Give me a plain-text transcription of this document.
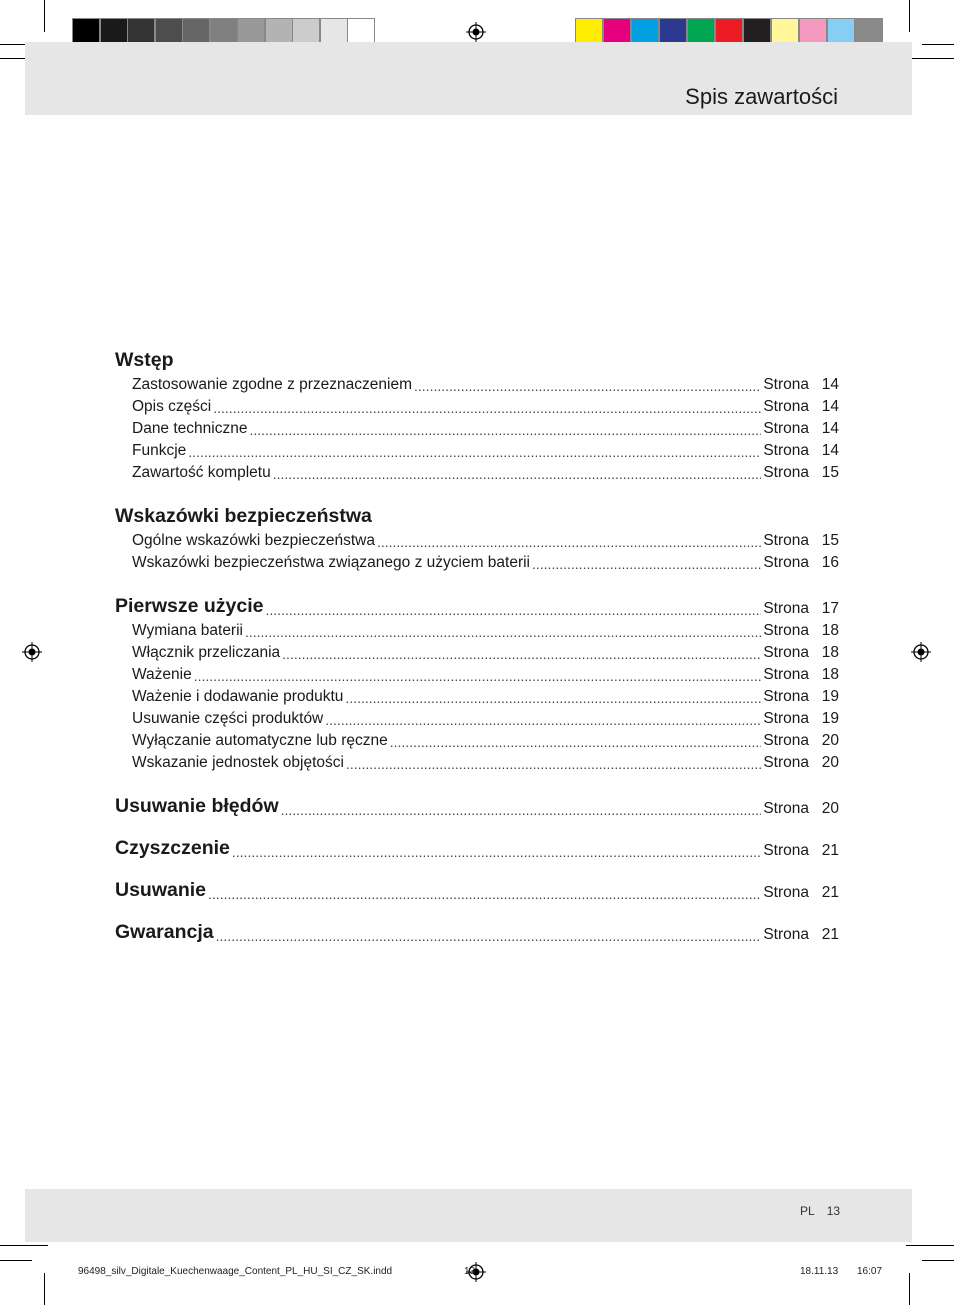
Spis zawartości
Wstęp
Zastosowanie zgodne z przeznaczeniem .....	Strona 14
Opis części .....	Strona 14
Dane techniczne .....	Strona 14
Funkcje .....	Strona 14
Zawartość kompletu .....	Strona 15
Wskazówki bezpieczeństwa
Ogólne wskazówki bezpieczeństwa .....	Strona 15
Wskazówki bezpieczeństwa związanego z użyciem baterii .....	Strona 16
Pierwsze użycie .....	Strona 17
Wymiana baterii .....	Strona 18
Włącznik przeliczania .....	Strona 18
Ważenie .....	Strona 18
Ważenie i dodawanie produktu .....	Strona 19
Usuwanie części produktów .....	Strona 19
Wyłączanie automatyczne lub ręczne .....	Strona 20
Wskazanie jednostek objętości .....	Strona 20
Usuwanie błędów .....	Strona 20
Czyszczenie .....	Strona 21
Usuwanie .....	Strona 21
Gwarancja .....	Strona 21
PL 13
96498_silv_Digitale_Kuechenwaage_Content_PL_HU_SI_CZ_SK.indd	13	18.11.13 16:07
